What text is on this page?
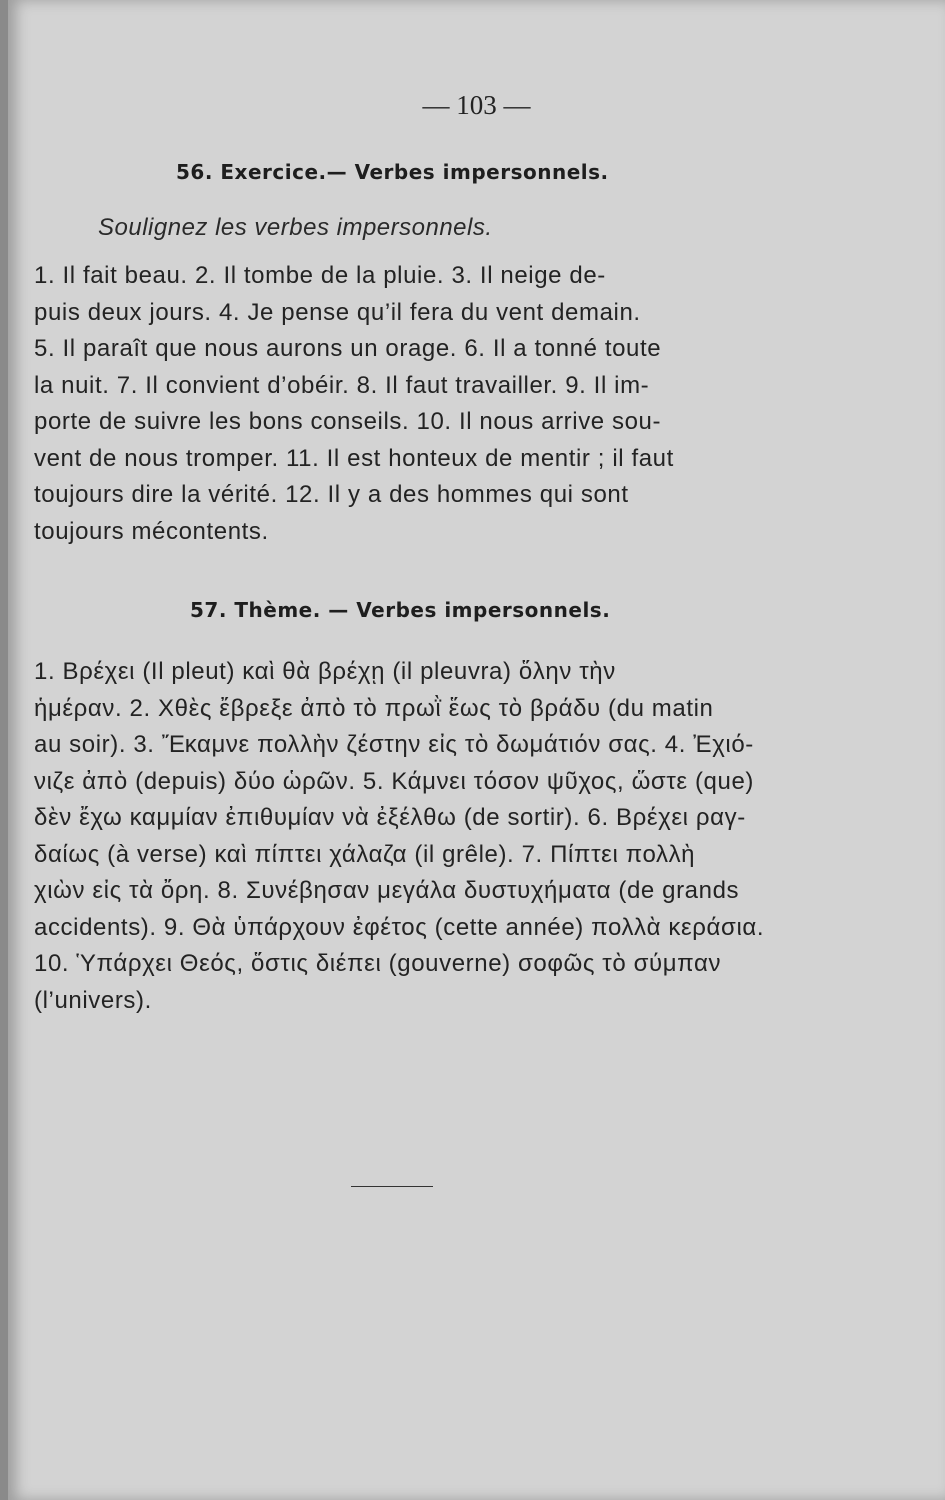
— 103 —
56. Exercice.— Verbes impersonnels.
Soulignez les verbes impersonnels.
1. Il fait beau. 2. Il tombe de la pluie. 3. Il neige de-
puis deux jours. 4. Je pense qu’il fera du vent demain.
5. Il paraît que nous aurons un orage. 6. Il a tonné toute
la nuit. 7. Il convient d’obéir. 8. Il faut travailler. 9. Il im-
porte de suivre les bons conseils. 10. Il nous arrive sou-
vent de nous tromper. 11. Il est honteux de mentir ; il faut
toujours dire la vérité. 12. Il y a des hommes qui sont
toujours mécontents.
57. Thème. — Verbes impersonnels.
1. Βρέχει (Il pleut) καὶ θὰ βρέχῃ (il pleuvra) ὅλην τὴν
ἡμέραν. 2. Χθὲς ἔβρεξε ἀπὸ τὸ πρωῒ ἕως τὸ βράδυ (du matin
au soir). 3. Ἔκαμνε πολλὴν ζέστην εἰς τὸ δωμάτιόν σας. 4. Ἐχιό-
νιζε ἀπὸ (depuis) δύο ὡρῶν. 5. Κάμνει τόσον ψῦχος, ὥστε (que)
δὲν ἔχω καμμίαν ἐπιθυμίαν νὰ ἐξέλθω (de sortir). 6. Βρέχει ραγ-
δαίως (à verse) καὶ πίπτει χάλαζα (il grêle). 7. Πίπτει πολλὴ
χιὼν εἰς τὰ ὄρη. 8. Συνέβησαν μεγάλα δυστυχήματα (de grands
accidents). 9. Θὰ ὑπάρχουν ἐφέτος (cette année) πολλὰ κεράσια.
10. Ὑπάρχει Θεός, ὅστις διέπει (gouverne) σοφῶς τὸ σύμπαν
(l’univers).
